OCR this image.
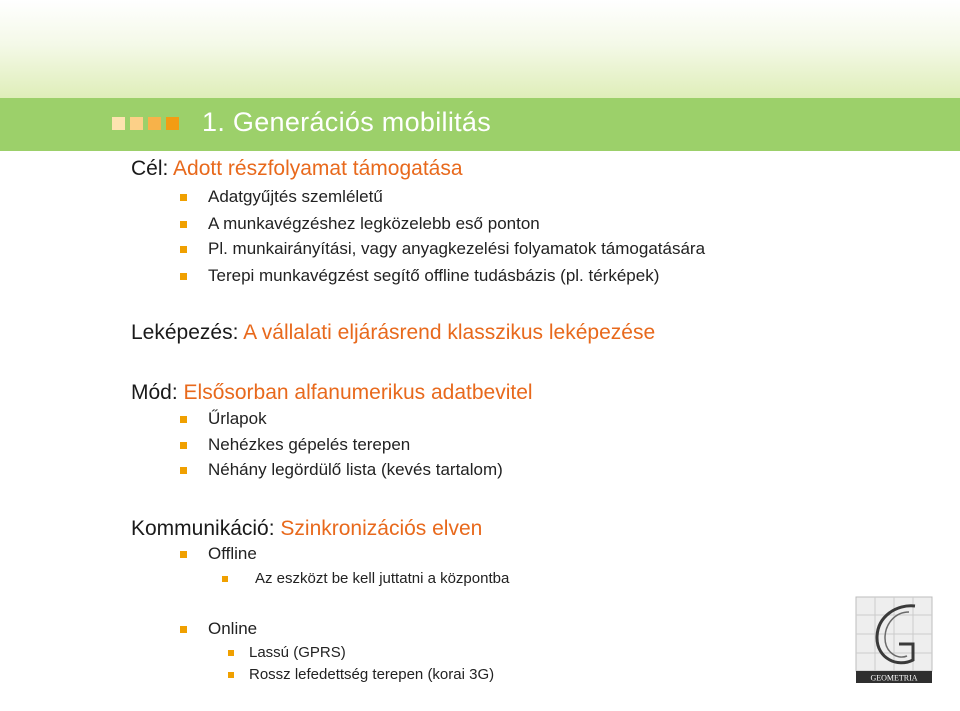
1. Generációs mobilitás
Cél: Adott részfolyamat támogatása
Adatgyűjtés szemléletű
A munkavégzéshez legközelebb eső ponton
Pl. munkairányítási, vagy anyagkezelési folyamatok támogatására
Terepi munkavégzést segítő offline tudásbázis (pl. térképek)
Leképezés: A vállalati eljárásrend klasszikus leképezése
Mód: Elsősorban alfanumerikus adatbevitel
Űrlapok
Nehézkes gépelés terepen
Néhány legördülő lista (kevés tartalom)
Kommunikáció: Szinkronizációs elven
Offline
Az eszközt be kell juttatni a központba
Online
Lassú (GPRS)
Rossz lefedettség terepen (korai 3G)	GEOMETRIA
